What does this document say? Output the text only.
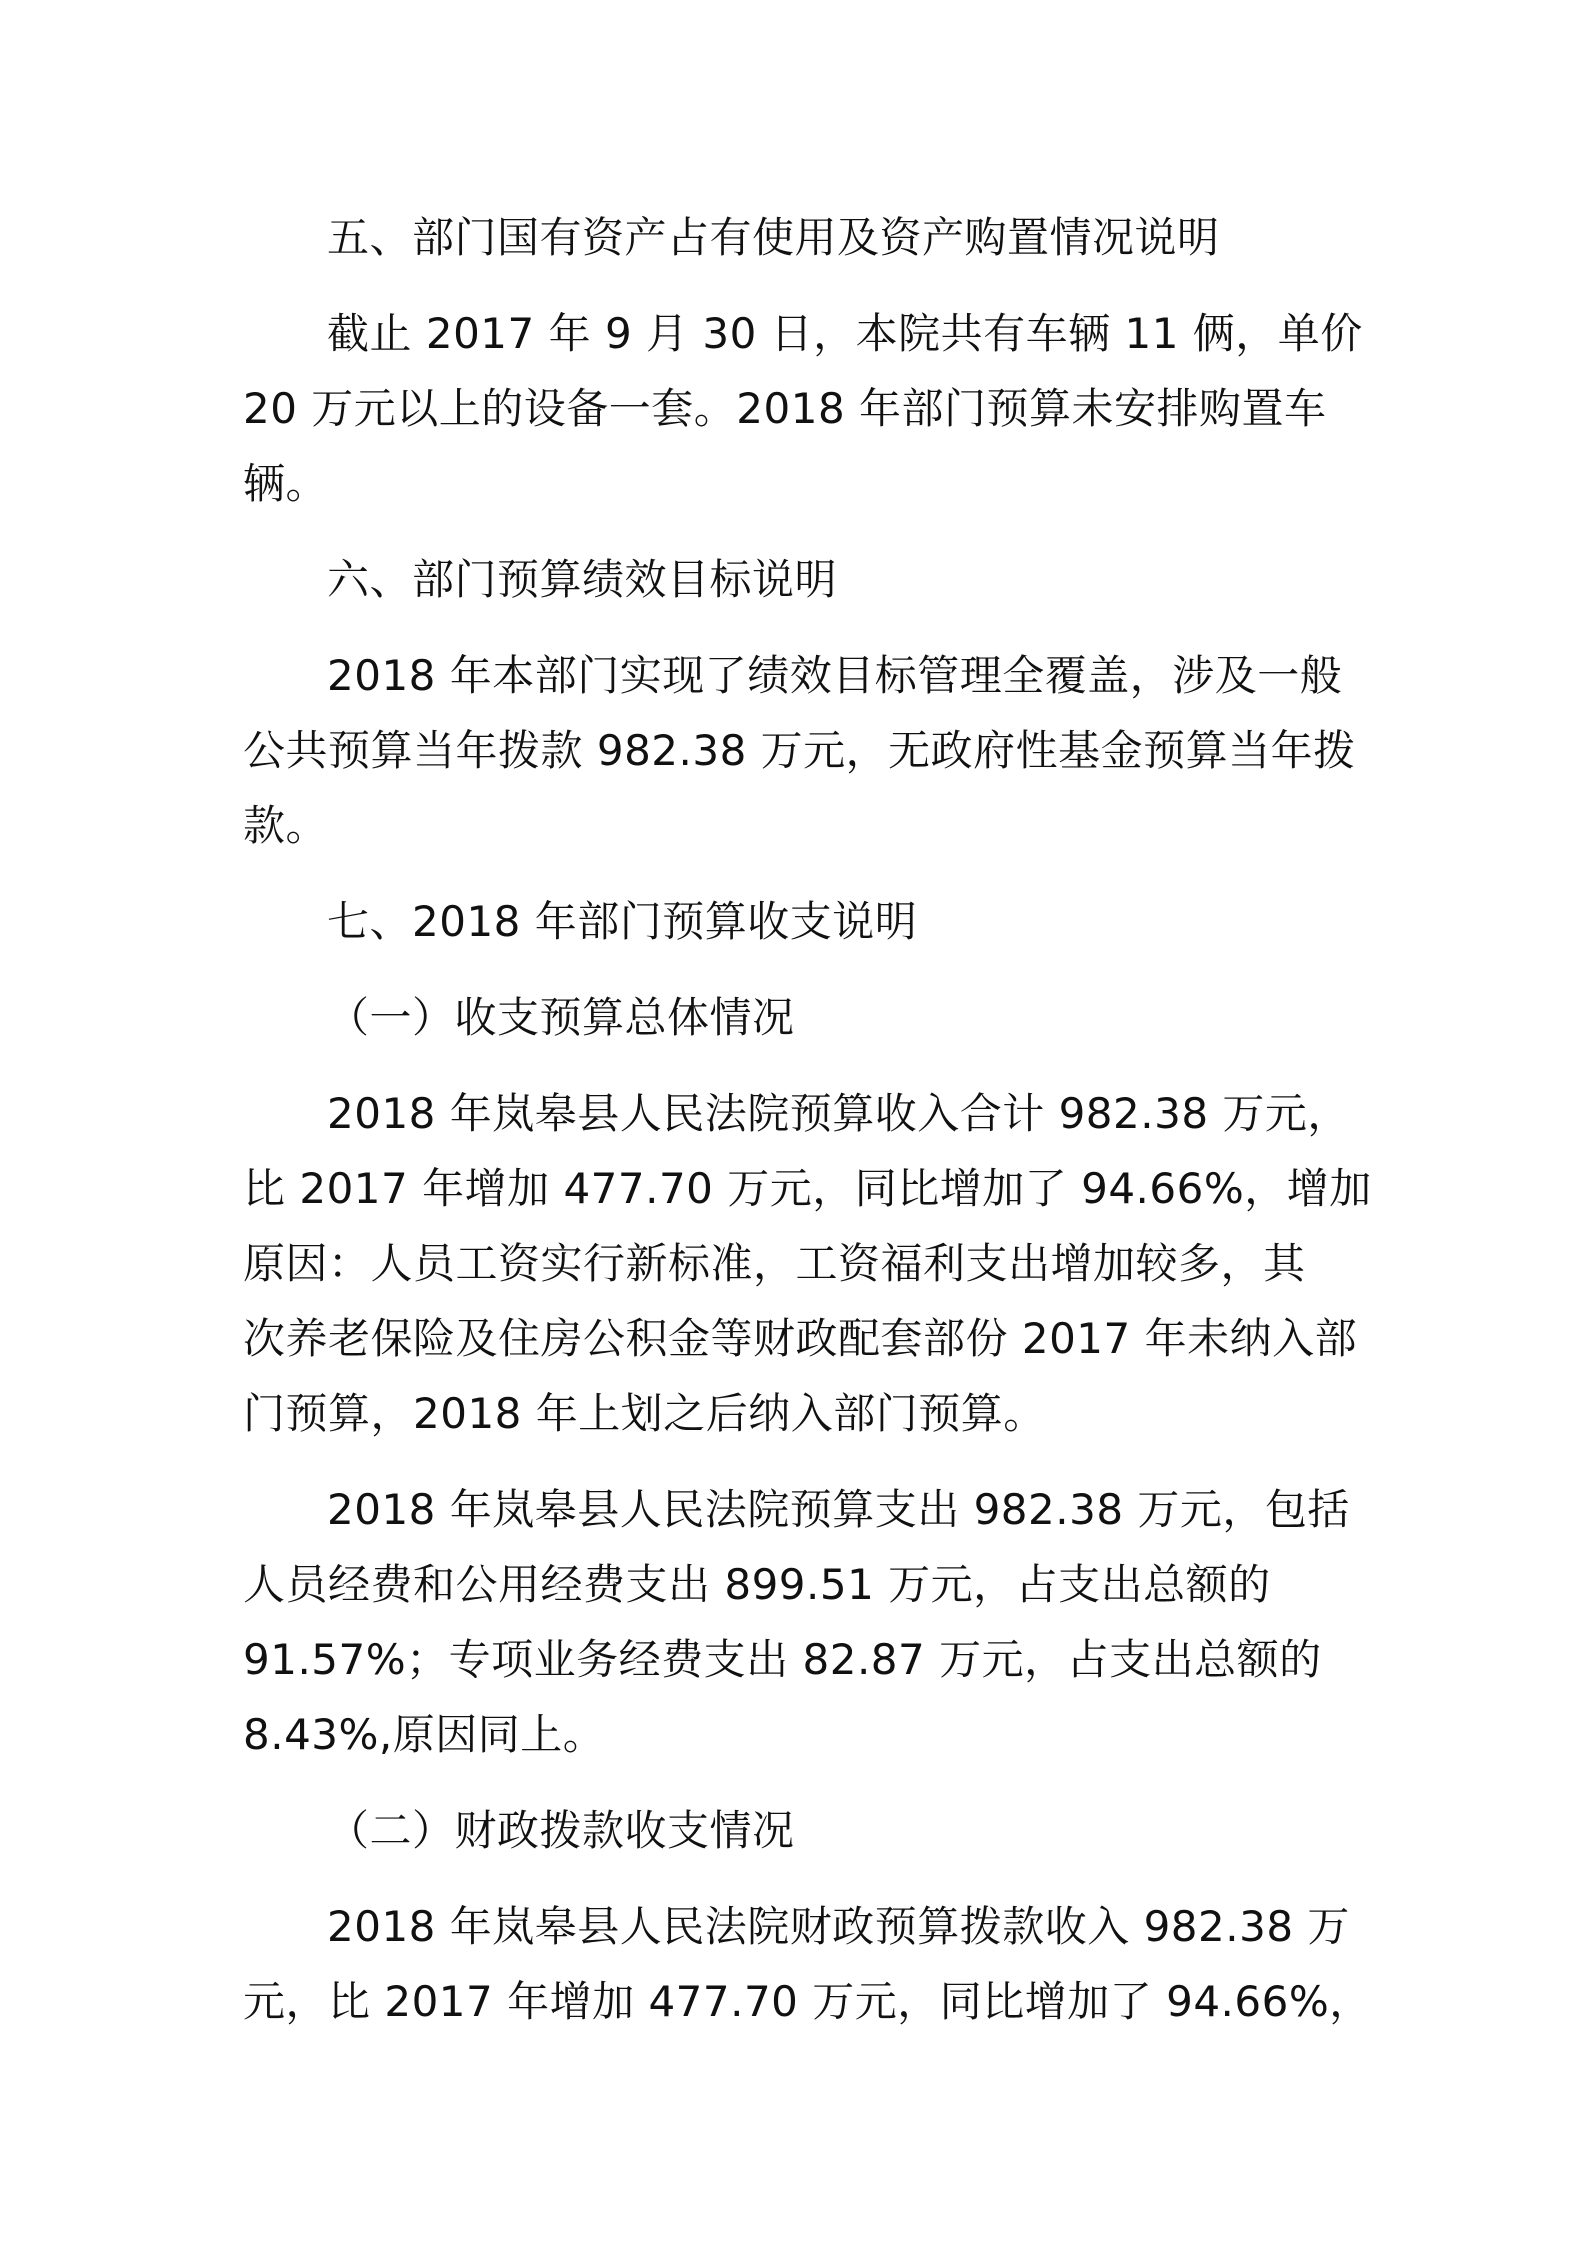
五、部门国有资产占有使用及资产购置情况说明

截止 2017 年 9 月 30 日，本院共有车辆 11 俩，单价
20 万元以上的设备一套。2018 年部门预算未安排购置车
辆。

六、部门预算绩效目标说明

2018 年本部门实现了绩效目标管理全覆盖，涉及一般
公共预算当年拨款 982.38 万元，无政府性基金预算当年拨
款。

七、2018 年部门预算收支说明

（一）收支预算总体情况

2018 年岚皋县人民法院预算收入合计 982.38 万元，
比 2017 年增加 477.70 万元，同比增加了 94.66%，增加
原因：人员工资实行新标准，工资福利支出增加较多，其
次养老保险及住房公积金等财政配套部份 2017 年未纳入部
门预算，2018 年上划之后纳入部门预算。

2018 年岚皋县人民法院预算支出 982.38 万元，包括
人员经费和公用经费支出 899.51 万元，占支出总额的
91.57%；专项业务经费支出 82.87 万元，占支出总额的
8.43%,原因同上。

（二）财政拨款收支情况

2018 年岚皋县人民法院财政预算拨款收入 982.38 万
元，比 2017 年增加 477.70 万元，同比增加了 94.66%，
